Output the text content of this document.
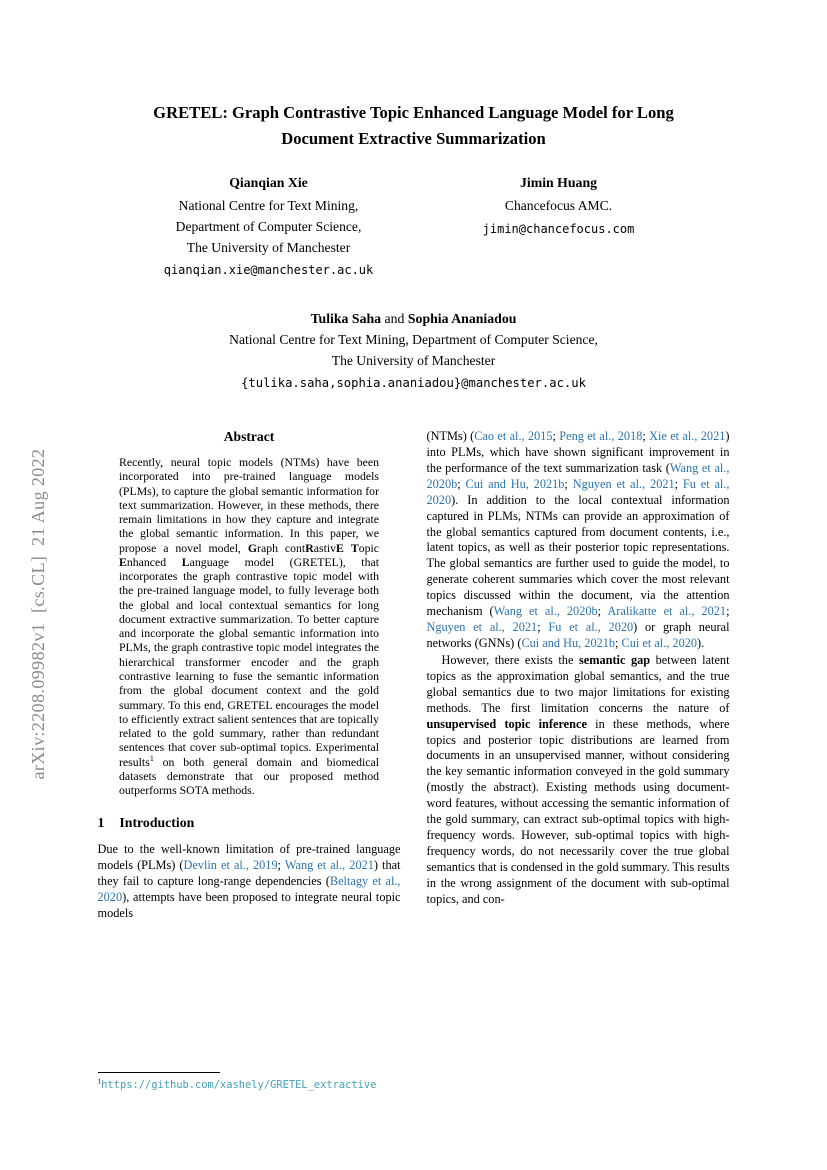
arXiv:2208.09982v1  [cs.CL]  21 Aug 2022
GRETEL: Graph Contrastive Topic Enhanced Language Model for Long
Document Extractive Summarization
Qianqian Xie
National Centre for Text Mining,
Department of Computer Science,
The University of Manchester
qianqian.xie@manchester.ac.uk
Jimin Huang
Chancefocus AMC.
jimin@chancefocus.com
Tulika Saha and Sophia Ananiadou
National Centre for Text Mining, Department of Computer Science,
The University of Manchester
{tulika.saha,sophia.ananiadou}@manchester.ac.uk
Abstract
Recently, neural topic models (NTMs) have been incorporated into pre-trained language models (PLMs), to capture the global semantic information for text summarization. However, in these methods, there remain limitations in how they capture and integrate the global semantic information. In this paper, we propose a novel model, Graph contRastivE Topic Enhanced Language model (GRETEL), that incorporates the graph contrastive topic model with the pre-trained language model, to fully leverage both the global and local contextual semantics for long document extractive summarization. To better capture and incorporate the global semantic information into PLMs, the graph contrastive topic model integrates the hierarchical transformer encoder and the graph contrastive learning to fuse the semantic information from the global document context and the gold summary. To this end, GRETEL encourages the model to efficiently extract salient sentences that are topically related to the gold summary, rather than redundant sentences that cover sub-optimal topics. Experimental results$^1$ on both general domain and biomedical datasets demonstrate that our proposed method outperforms SOTA methods.
1 Introduction
Due to the well-known limitation of pre-trained language models (PLMs) (Devlin et al., 2019; Wang et al., 2021) that they fail to capture long-range dependencies (Beltagy et al., 2020), attempts have been proposed to integrate neural topic models
$^1$https://github.com/xashely/GRETEL_extractive
(NTMs) (Cao et al., 2015; Peng et al., 2018; Xie et al., 2021) into PLMs, which have shown significant improvement in the performance of the text summarization task (Wang et al., 2020b; Cui and Hu, 2021b; Nguyen et al., 2021; Fu et al., 2020). In addition to the local contextual information captured in PLMs, NTMs can provide an approximation of the global semantics captured from document contents, i.e., latent topics, as well as their posterior topic representations. The global semantics are further used to guide the model, to generate coherent summaries which cover the most relevant topics discussed within the document, via the attention mechanism (Wang et al., 2020b; Aralikatte et al., 2021; Nguyen et al., 2021; Fu et al., 2020) or graph neural networks (GNNs) (Cui and Hu, 2021b; Cui et al., 2020).
However, there exists the semantic gap between latent topics as the approximation global semantics, and the true global semantics due to two major limitations for existing methods. The first limitation concerns the nature of unsupervised topic inference in these methods, where topics and posterior topic distributions are learned from documents in an unsupervised manner, without considering the key semantic information conveyed in the gold summary (mostly the abstract). Existing methods using document-word features, without accessing the semantic information of the gold summary, can extract sub-optimal topics with high-frequency words. However, sub-optimal topics with high-frequency words, do not necessarily cover the true global semantics that is condensed in the gold summary. This results in the wrong assignment of the document with sub-optimal topics, and con-
